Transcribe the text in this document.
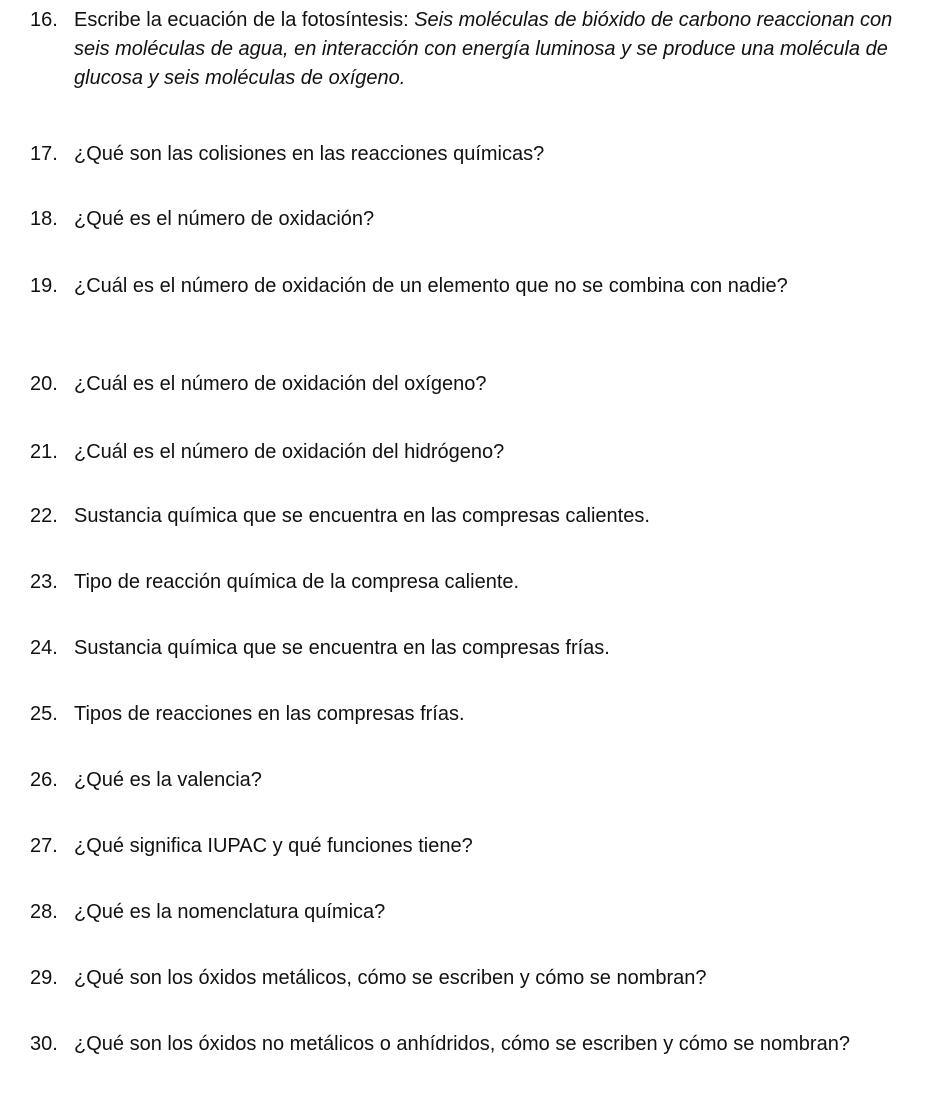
16. Escribe la ecuación de la fotosíntesis: Seis moléculas de bióxido de carbono reaccionan con seis moléculas de agua, en interacción con energía luminosa y se produce una molécula de glucosa y seis moléculas de oxígeno.
17. ¿Qué son las colisiones en las reacciones químicas?
18. ¿Qué es el número de oxidación?
19. ¿Cuál es el número de oxidación de un elemento que no se combina con nadie?
20. ¿Cuál es el número de oxidación del oxígeno?
21. ¿Cuál es el número de oxidación del hidrógeno?
22. Sustancia química que se encuentra en las compresas calientes.
23. Tipo de reacción química de la compresa caliente.
24. Sustancia química que se encuentra en las compresas frías.
25. Tipos de reacciones en las compresas frías.
26. ¿Qué es la valencia?
27. ¿Qué significa IUPAC y qué funciones tiene?
28. ¿Qué es la nomenclatura química?
29. ¿Qué son los óxidos metálicos, cómo se escriben y cómo se nombran?
30. ¿Qué son los óxidos no metálicos o anhídridos, cómo se escriben y cómo se nombran?
